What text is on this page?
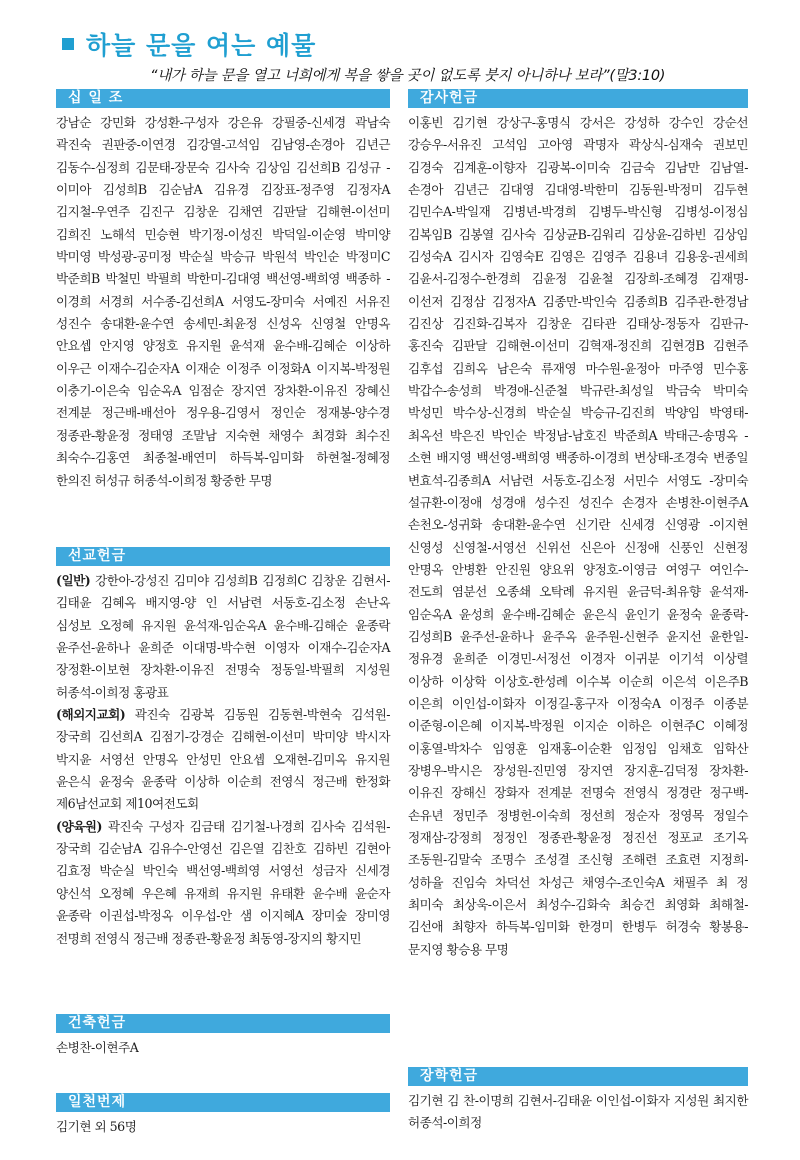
하늘 문을 여는 예물
“내가 하늘 문을 열고 너희에게 복을 쌓을 곳이 없도록 붓지 아니하나 보라”(말3:10)
십 일 조
강남순 강민화 강성환-구성자 강은유 강필중-신세경 곽남숙 곽진숙 권판중-이연경 김강열-고석임 김남영-손경아 김년근 김동수-심정희 김문태-장문숙 김사숙 김상임 김선희B 김성규 -이미아 김성희B 김순남A 김유경 김장표-정주영 김정자A 김지철-우연주 김진구 김창운 김채연 김판달 김해현-이선미 김희진 노해석 민승현 박기정-이성진 박덕일-이순영 박미양 박미영 박성광-공미정 박순실 박승규 박원석 박인순 박정미C 박준희B 박철민 박필희 박한미-김대영 백선영-백희영 백종하 -이경희 서경희 서수종-김선희A 서영도-장미숙 서예진 서유진 성진수 송대환-윤수연 송세민-최윤정 신성옥 신영철 안명옥 안요셉 안지영 양정호 유지원 윤석재 윤수배-김혜순 이상하 이우근 이재수-김순자A 이재순 이정주 이정화A 이지복-박정원 이충기-이은숙 임순옥A 임점순 장지연 장차환-이유진 장혜신 전계분 정근배-배선아 정우용-김영서 정인순 정재봉-양수경 정종관-황윤정 정태영 조말남 지숙현 채영수 최경화 최수진 최숙수-김홍연 최종철-배연미 하득복-임미화 하현철-정혜정 한의진 허성규 허종석-이희정 황중한 무명
선교헌금

(일반) 강한아-강성진 김미야 김성희B 김정희C 김창운 김현서-김태윤 김혜옥 배지영-양 인 서남련 서동호-김소정 손난옥 심성보 오정혜 유지원 윤석재-임순옥A 윤수배-김해순 윤종락 윤주선-윤하나 윤희준 이대명-박수현 이영자 이재수-김순자A 장정환-이보현 장차환-이유진 전명숙 정동일-박필희 지성원 허종석-이희정 홍광표

(해외지교회) 곽진숙 김광복 김동원 김동현-박현숙 김석원-장국희 김선희A 김점기-강경순 김해현-이선미 박미양 박시자 박지윤 서영선 안명옥 안성민 안요셉 오재현-김미옥 유지원 윤은식 윤정숙 윤종락 이상하 이순희 전영식 정근배 한정화 제6남선교회 제10여전도회

(양육원) 곽진숙 구성자 김금태 김기철-나경희 김사숙 김석원-장국희 김순남A 김유수-안영선 김은열 김찬호 김하빈 김현아 김효정 박순실 박인숙 백선영-백희영 서영선 성금자 신세경 양신석 오정혜 우은혜 유재희 유지원 유태환 윤수배 윤순자 윤종락 이권섭-박정옥 이우섭-안 샘 이지혜A 장미숲 장미영 전명희 전영식 정근배 정종관-황윤정 최동영-장지의 황지민

건축헌금
손병찬-이현주A
일천번제
김기현 외 56명
감사헌금
이홍빈 김기현 강상구-홍명식 강서은 강성하 강수인 강순선 강승우-서유진 고석임 고아영 곽명자 곽상식-심재숙 권보민 김경숙 김계훈-이향자 김광복-이미숙 김금숙 김남만 김남열-손경아 김년근 김대영 김대영-박한미 김동원-박정미 김두현 김민수A-박일재 김병년-박경희 김병두-박신형 김병성-이정심 김복임B 김봉열 김사숙 김상균B-김워리 김상윤-김하빈 김상임 김성숙A 김시자 김영숙E 김영은 김영주 김용녀 김용웅-권세희 김윤서-김정수-한경희 김윤정 김윤철 김장희-조혜경 김재명-이선저 김정삼 김정자A 김종만-박인숙 김종희B 김주관-한경남 김진상 김진화-김복자 김창운 김타관 김태상-정동자 김판규-홍진숙 김판달 김해현-이선미 김혁재-정진희 김현경B 김현주 김후섭 김희옥 남은숙 류재영 마수원-윤정아 마주영 민수홍 박갑수-송성희 박경애-신준철 박규란-최성일 박금숙 박미숙 박성민 박수상-신경희 박순실 박승규-김진희 박양임 박영태-최옥선 박은진 박인순 박정남-남호진 박준희A 박태근-송명옥 -소현 배지영 백선영-백희영 백종하-이경희 변상태-조경숙 변종일 변효석-김종희A 서남련 서동호-김소정 서민수 서영도 -장미숙 설규환-이정애 성경애 성수진 성진수 손경자 손병찬-이현주A 손천오-성귀화 송대환-윤수연 신기란 신세경 신영광 -이지현 신영성 신영철-서영선 신위선 신은아 신정애 신풍인 신현정 안명옥 안병환 안진원 양요위 양정호-이영금 여영구 여인수-전도희 염분선 오종쇄 오탁례 유지원 윤금덕-최유향 윤석재-임순옥A 윤성희 윤수배-김혜순 윤은식 윤인기 윤정숙 윤종락-김성희B 윤주선-윤하나 윤주옥 윤주원-신현주 윤지선 윤한일-정유경 윤희준 이경민-서정선 이경자 이귀분 이기석 이상렬 이상하 이상학 이상호-한성례 이수복 이순희 이은석 이은주B 이은희 이인섭-이화자 이정길-홍구자 이정숙A 이정주 이종분 이준형-이은혜 이지복-박정원 이지순 이하은 이현주C 이혜정 이홍열-박차수 임영훈 임재홍-이순환 임정임 임채호 임학산 장병우-박시은 장성원-진민영 장지연 장지훈-김덕정 장차환-이유진 장해신 장화자 전계분 전명숙 전영식 정경란 정구백-손유년 정민주 정병헌-이숙희 정선희 정순자 정영목 정일수 정재삼-강정희 정정인 정종관-황윤정 정진선 정포교 조기옥 조동원-김말숙 조명수 조성결 조신형 조해련 조효련 지정희-성하율 진임숙 차덕선 차성근 채영수-조인숙A 채필주 최 정 최미숙 최상욱-이은서 최성수-김화숙 최승건 최영화 최해철-김선애 최향자 하득복-임미화 한경미 한병두 허경숙 황봉용-문지영 황승용 무명
장학헌금
김기현 김 찬-이명희 김현서-김태윤 이인섭-이화자 지성원 최지한 허종석-이희정
